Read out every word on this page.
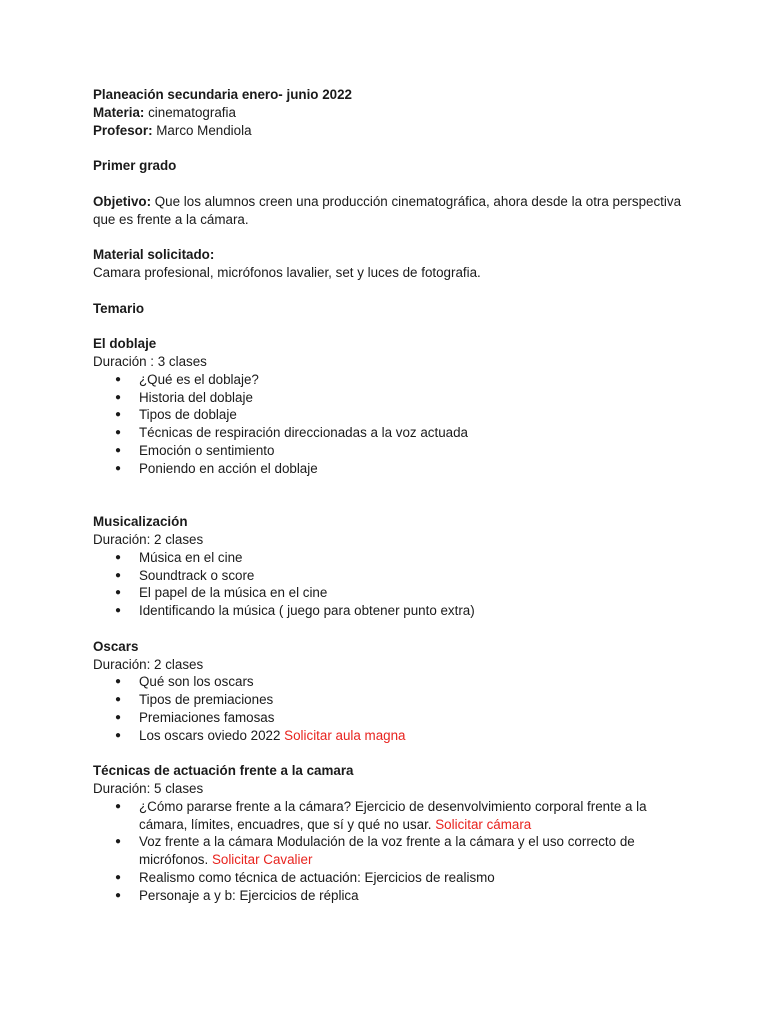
Planeación secundaria enero- junio 2022

Materia: cinematografia

Profesor: Marco Mendiola

Primer grado

Objetivo: Que los alumnos creen una producción cinematográfica, ahora desde la otra perspectiva que es frente a la cámara.

Material solicitado:

Camara profesional, micrófonos lavalier, set y luces de fotografia.

Temario

El doblaje

Duración : 3 clases

● ¿Qué es el doblaje?
● Historia del doblaje
● Tipos de doblaje
● Técnicas de respiración direccionadas a la voz actuada
● Emoción o sentimiento
● Poniendo en acción el doblaje

Musicalización

Duración: 2 clases

● Música en el cine
● Soundtrack o score
● El papel de la música en el cine
● Identificando la música ( juego para obtener punto extra)

Oscars

Duración: 2 clases

● Qué son los oscars
● Tipos de premiaciones
● Premiaciones famosas
● Los oscars oviedo 2022 Solicitar aula magna

Técnicas de actuación frente a la camara

Duración: 5 clases

● ¿Cómo pararse frente a la cámara? Ejercicio de desenvolvimiento corporal frente a la cámara, límites, encuadres, que sí y qué no usar. Solicitar cámara
● Voz frente a la cámara Modulación de la voz frente a la cámara y el uso correcto de micrófonos. Solicitar Cavalier
● Realismo como técnica de actuación: Ejercicios de realismo
● Personaje a y b: Ejercicios de réplica
